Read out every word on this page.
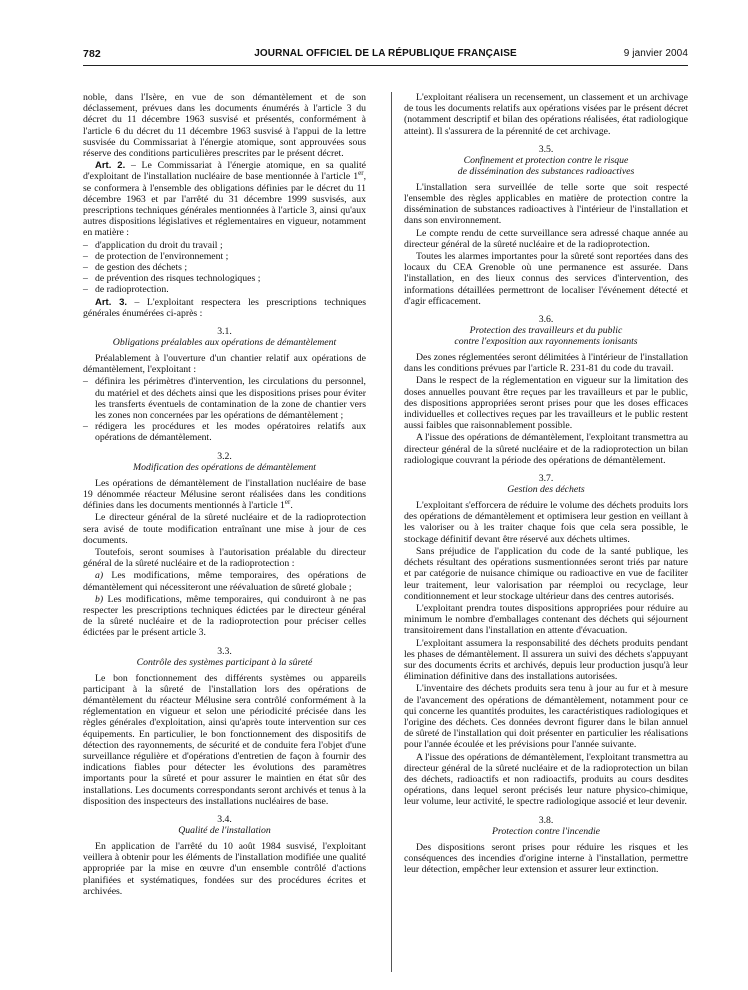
782	JOURNAL OFFICIEL DE LA RÉPUBLIQUE FRANÇAISE	9 janvier 2004

noble, dans l'Isère, en vue de son démantèlement et de son déclassement, prévues dans les documents énumérés à l'article 3 du décret du 11 décembre 1963 susvisé et présentés, conformément à l'article 6 du décret du 11 décembre 1963 susvisé à l'appui de la lettre susvisée du Commissariat à l'énergie atomique, sont approuvées sous réserve des conditions particulières prescrites par le présent décret.

Art. 2. – Le Commissariat à l'énergie atomique, en sa qualité d'exploitant de l'installation nucléaire de base mentionnée à l'article 1er, se conformera à l'ensemble des obligations définies par le décret du 11 décembre 1963 et par l'arrêté du 31 décembre 1999 susvisés, aux prescriptions techniques générales mentionnées à l'article 3, ainsi qu'aux autres dispositions législatives et réglementaires en vigueur, notamment en matière :

– d'application du droit du travail ;
– de protection de l'environnement ;
– de gestion des déchets ;
– de prévention des risques technologiques ;
– de radioprotection.

Art. 3. – L'exploitant respectera les prescriptions techniques générales énumérées ci-après :

3.1.
Obligations préalables aux opérations de démantèlement

Préalablement à l'ouverture d'un chantier relatif aux opérations de démantèlement, l'exploitant :

– définira les périmètres d'intervention, les circulations du personnel, du matériel et des déchets ainsi que les dispositions prises pour éviter les transferts éventuels de contamination de la zone de chantier vers les zones non concernées par les opérations de démantèlement ;
– rédigera les procédures et les modes opératoires relatifs aux opérations de démantèlement.
3.2.
Modification des opérations de démantèlement

Les opérations de démantèlement de l'installation nucléaire de base 19 dénommée réacteur Mélusine seront réalisées dans les conditions définies dans les documents mentionnés à l'article 1er.

Le directeur général de la sûreté nucléaire et de la radioprotection sera avisé de toute modification entraînant une mise à jour de ces documents.

Toutefois, seront soumises à l'autorisation préalable du directeur général de la sûreté nucléaire et de la radioprotection :

a) Les modifications, même temporaires, des opérations de démantèlement qui nécessiteront une réévaluation de sûreté globale ;

b) Les modifications, même temporaires, qui conduiront à ne pas respecter les prescriptions techniques édictées par le directeur général de la sûreté nucléaire et de la radioprotection pour préciser celles édictées par le présent article 3.

3.3.
Contrôle des systèmes participant à la sûreté

Le bon fonctionnement des différents systèmes ou appareils participant à la sûreté de l'installation lors des opérations de démantèlement du réacteur Mélusine sera contrôlé conformément à la réglementation en vigueur et selon une périodicité précisée dans les règles générales d'exploitation, ainsi qu'après toute intervention sur ces équipements. En particulier, le bon fonctionnement des dispositifs de détection des rayonnements, de sécurité et de conduite fera l'objet d'une surveillance régulière et d'opérations d'entretien de façon à fournir des indications fiables pour détecter les évolutions des paramètres importants pour la sûreté et pour assurer le maintien en état sûr des installations. Les documents correspondants seront archivés et tenus à la disposition des inspecteurs des installations nucléaires de base.

3.4.
Qualité de l'installation

En application de l'arrêté du 10 août 1984 susvisé, l'exploitant veillera à obtenir pour les éléments de l'installation modifiée une qualité appropriée par la mise en œuvre d'un ensemble contrôlé d'actions planifiées et systématiques, fondées sur des procédures écrites et archivées.

L'exploitant réalisera un recensement, un classement et un archivage de tous les documents relatifs aux opérations visées par le présent décret (notamment descriptif et bilan des opérations réalisées, état radiologique atteint). Il s'assurera de la pérennité de cet archivage.

3.5.
Confinement et protection contre le risque
de dissémination des substances radioactives

L'installation sera surveillée de telle sorte que soit respecté l'ensemble des règles applicables en matière de protection contre la dissémination de substances radioactives à l'intérieur de l'installation et dans son environnement.

Le compte rendu de cette surveillance sera adressé chaque année au directeur général de la sûreté nucléaire et de la radioprotection.

Toutes les alarmes importantes pour la sûreté sont reportées dans des locaux du CEA Grenoble où une permanence est assurée. Dans l'installation, en des lieux connus des services d'intervention, des informations détaillées permettront de localiser l'événement détecté et d'agir efficacement.

3.6.
Protection des travailleurs et du public
contre l'exposition aux rayonnements ionisants

Des zones réglementées seront délimitées à l'intérieur de l'installation dans les conditions prévues par l'article R. 231-81 du code du travail.

Dans le respect de la réglementation en vigueur sur la limitation des doses annuelles pouvant être reçues par les travailleurs et par le public, des dispositions appropriées seront prises pour que les doses efficaces individuelles et collectives reçues par les travailleurs et le public restent aussi faibles que raisonnablement possible.

A l'issue des opérations de démantèlement, l'exploitant transmettra au directeur général de la sûreté nucléaire et de la radioprotection un bilan radiologique couvrant la période des opérations de démantèlement.

3.7.
Gestion des déchets

L'exploitant s'efforcera de réduire le volume des déchets produits lors des opérations de démantèlement et optimisera leur gestion en veillant à les valoriser ou à les traiter chaque fois que cela sera possible, le stockage définitif devant être réservé aux déchets ultimes.

Sans préjudice de l'application du code de la santé publique, les déchets résultant des opérations susmentionnées seront triés par nature et par catégorie de nuisance chimique ou radioactive en vue de faciliter leur traitement, leur valorisation par réemploi ou recyclage, leur conditionnement et leur stockage ultérieur dans des centres autorisés.

L'exploitant prendra toutes dispositions appropriées pour réduire au minimum le nombre d'emballages contenant des déchets qui séjournent transitoirement dans l'installation en attente d'évacuation.

L'exploitant assumera la responsabilité des déchets produits pendant les phases de démantèlement. Il assurera un suivi des déchets s'appuyant sur des documents écrits et archivés, depuis leur production jusqu'à leur élimination définitive dans des installations autorisées.

L'inventaire des déchets produits sera tenu à jour au fur et à mesure de l'avancement des opérations de démantèlement, notamment pour ce qui concerne les quantités produites, les caractéristiques radiologiques et l'origine des déchets. Ces données devront figurer dans le bilan annuel de sûreté de l'installation qui doit présenter en particulier les réalisations pour l'année écoulée et les prévisions pour l'année suivante.

A l'issue des opérations de démantèlement, l'exploitant transmettra au directeur général de la sûreté nucléaire et de la radioprotection un bilan des déchets, radioactifs et non radioactifs, produits au cours desdites opérations, dans lequel seront précisés leur nature physico-chimique, leur volume, leur activité, le spectre radiologique associé et leur devenir.

3.8.
Protection contre l'incendie

Des dispositions seront prises pour réduire les risques et les conséquences des incendies d'origine interne à l'installation, permettre leur détection, empêcher leur extension et assurer leur extinction.
